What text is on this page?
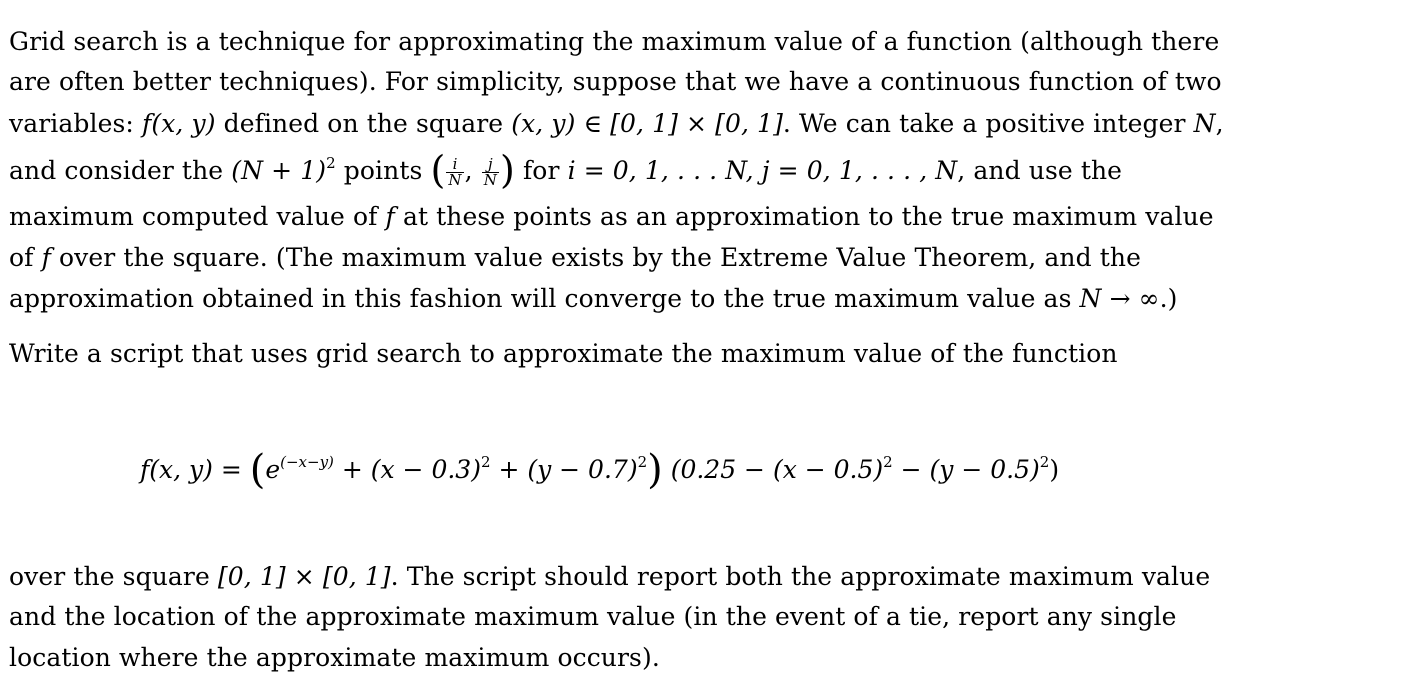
Grid search is a technique for approximating the maximum value of a function (although there
are often better techniques). For simplicity, suppose that we have a continuous function of two
variables: f(x, y) defined on the square (x, y) ∈ [0, 1] × [0, 1]. We can take a positive integer N,
and consider the $(N + 1)^2$ points ( $\frac{i}{N}$ , $\frac{j}{N}$ ) for i = 0, 1, . . . N, j = 0, 1, . . . , N, and use the
maximum computed value of f at these points as an approximation to the true maximum value
of f over the square. (The maximum value exists by the Extreme Value Theorem, and the
approximation obtained in this fashion will converge to the true maximum value as N → ∞.)
Write a script that uses grid search to approximate the maximum value of the function
f(x, $y) = (e^{(-x-y)} + (x - 0.3)^2 + (y - 0.7)^2) (0.25 - (x - 0.5)^2 - (y - 0.5)^2)$
over the square [0, 1] × [0, 1]. The script should report both the approximate maximum value
and the location of the approximate maximum value (in the event of a tie, report any single
location where the approximate maximum occurs).
